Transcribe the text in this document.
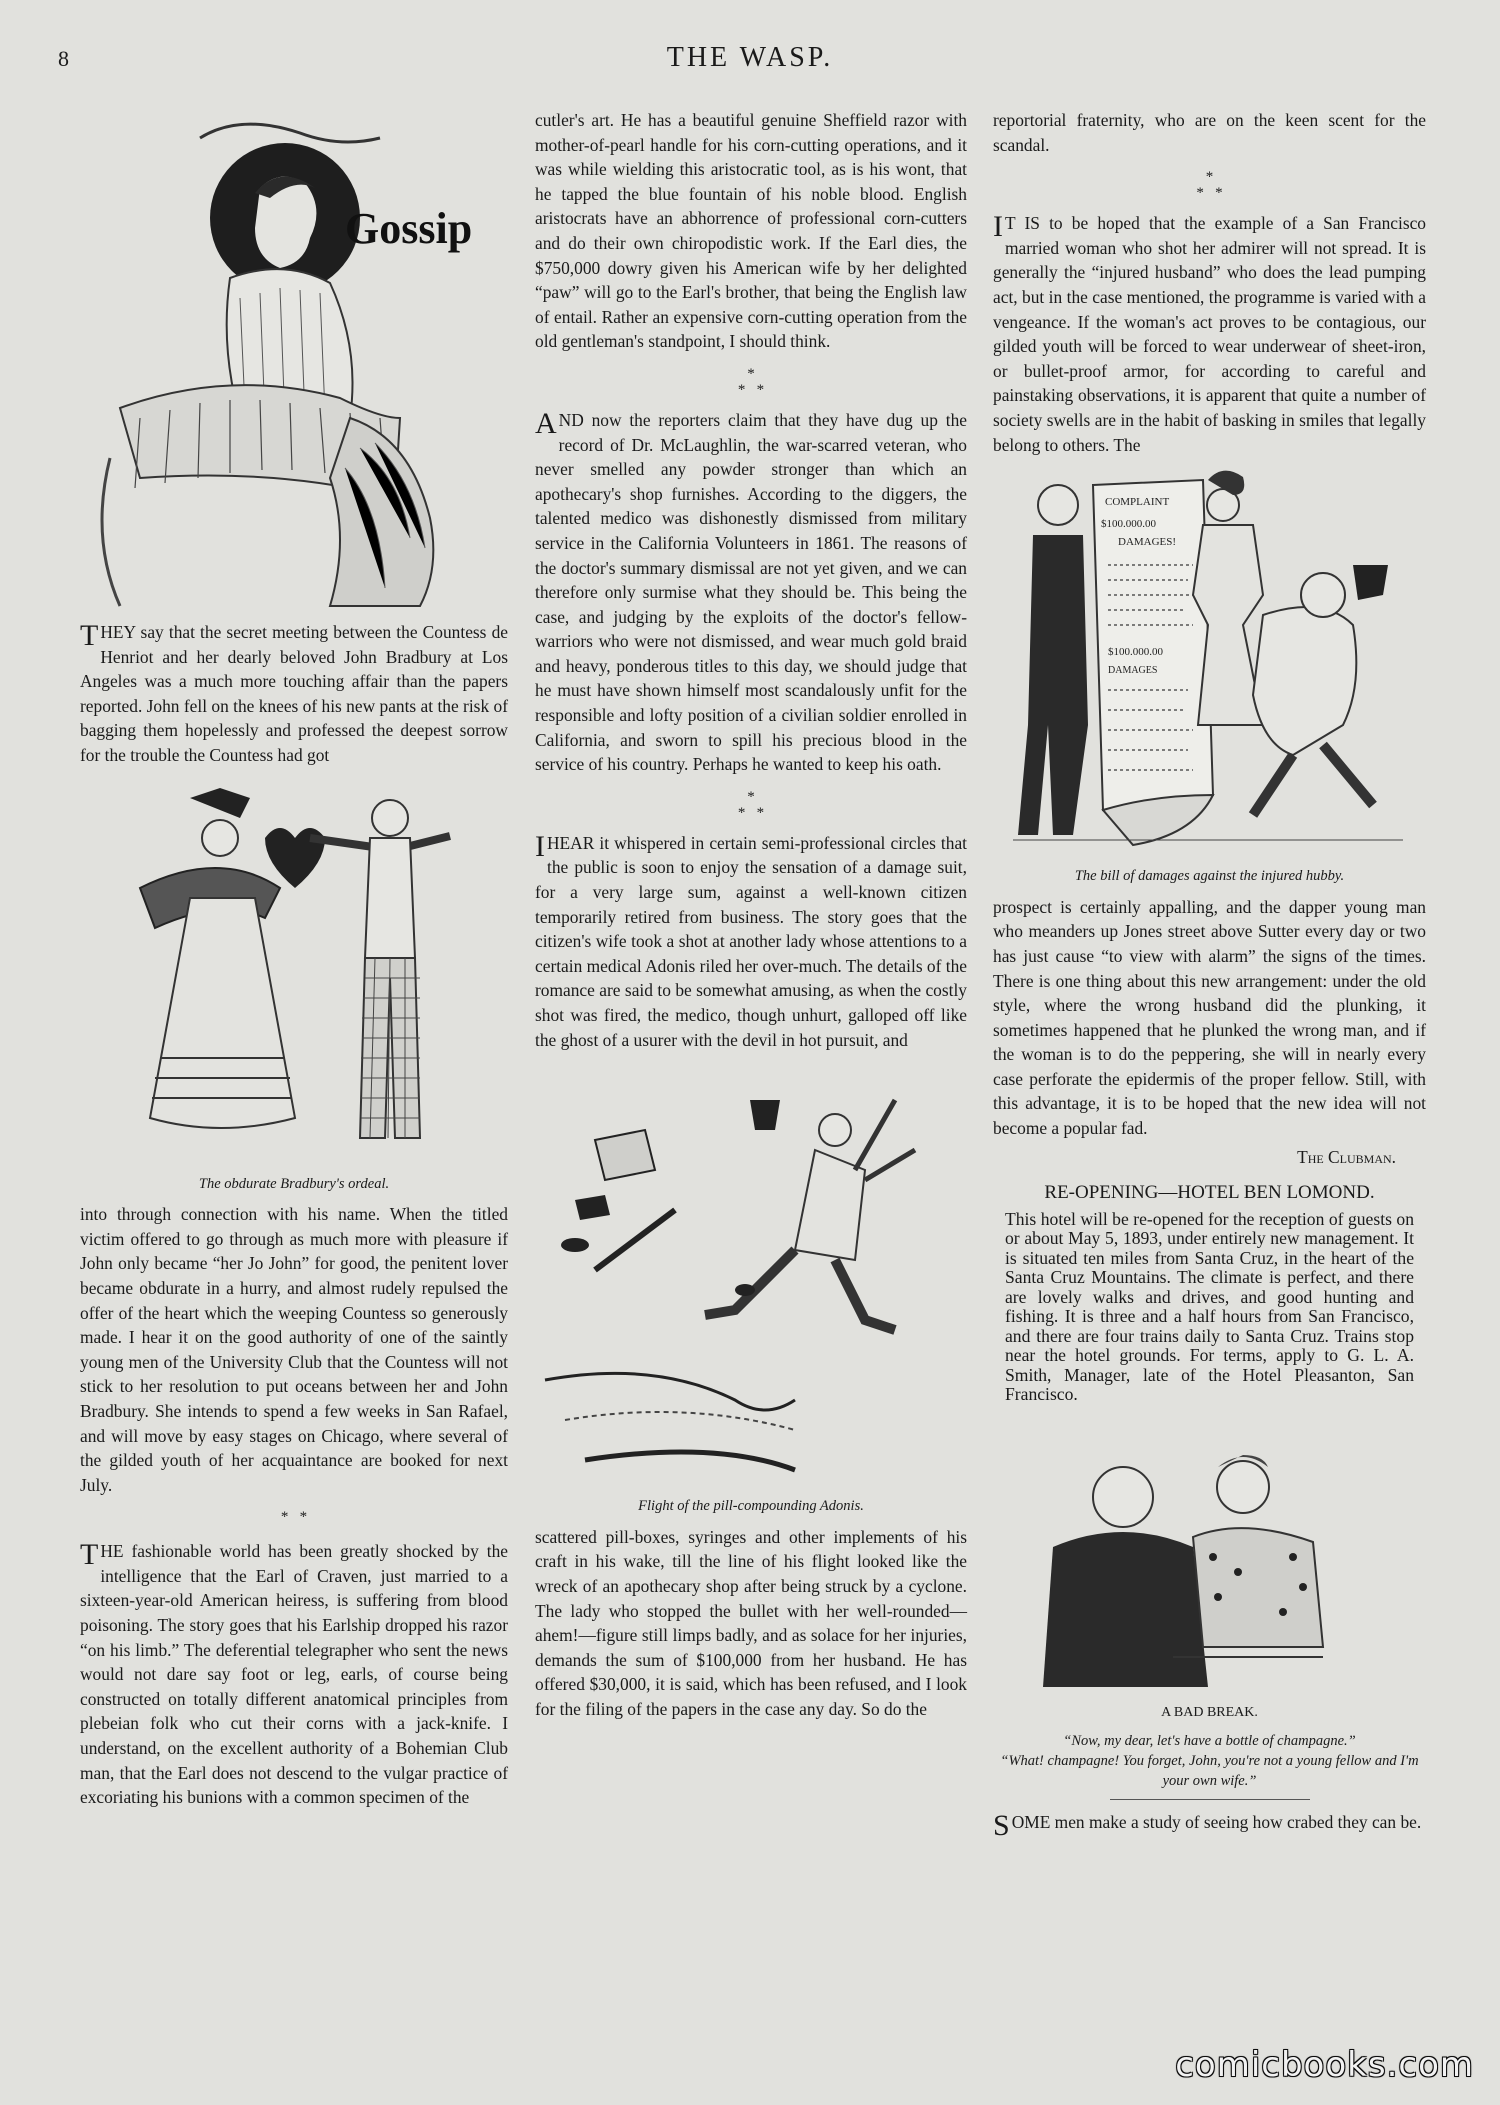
8	THE WASP.
Gossip

THEY say that the secret meeting between the Countess de Henriot and her dearly beloved John Bradbury at Los Angeles was a much more touching affair than the papers reported. John fell on the knees of his new pants at the risk of bagging them hopelessly and professed the deepest sorrow for the trouble the Countess had got

The obdurate Bradbury's ordeal.

into through connection with his name. When the titled victim offered to go through as much more with pleasure if John only became “her Jo John” for good, the penitent lover became obdurate in a hurry, and almost rudely repulsed the offer of the heart which the weeping Countess so generously made. I hear it on the good authority of one of the saintly young men of the University Club that the Countess will not stick to her resolution to put oceans between her and John Bradbury. She intends to spend a few weeks in San Rafael, and will move by easy stages on Chicago, where several of the gilded youth of her acquaintance are booked for next July.

*   *

THE fashionable world has been greatly shocked by the intelligence that the Earl of Craven, just married to a sixteen-year-old American heiress, is suffering from blood poisoning. The story goes that his Earlship dropped his razor “on his limb.” The deferential telegrapher who sent the news would not dare say foot or leg, earls, of course being constructed on totally different anatomical principles from plebeian folk who cut their corns with a jack-knife. I understand, on the excellent authority of a Bohemian Club man, that the Earl does not descend to the vulgar practice of excoriating his bunions with a common specimen of the

cutler's art. He has a beautiful genuine Sheffield razor with mother-of-pearl handle for his corn-cutting operations, and it was while wielding this aristocratic tool, as is his wont, that he tapped the blue fountain of his noble blood. English aristocrats have an abhorrence of professional corn-cutters and do their own chiropodistic work. If the Earl dies, the $750,000 dowry given his American wife by her delighted “paw” will go to the Earl's brother, that being the English law of entail. Rather an expensive corn-cutting operation from the old gentleman's standpoint, I should think.

*
*   *

AND now the reporters claim that they have dug up the record of Dr. McLaughlin, the war-scarred veteran, who never smelled any powder stronger than which an apothecary's shop furnishes. According to the diggers, the talented medico was dishonestly dismissed from military service in the California Volunteers in 1861. The reasons of the doctor's summary dismissal are not yet given, and we can therefore only surmise what they should be. This being the case, and judging by the exploits of the doctor's fellow-warriors who were not dismissed, and wear much gold braid and heavy, ponderous titles to this day, we should judge that he must have shown himself most scandalously unfit for the responsible and lofty position of a civilian soldier enrolled in California, and sworn to spill his precious blood in the service of his country. Perhaps he wanted to keep his oath.

*
*   *

IHEAR it whispered in certain semi-professional circles that the public is soon to enjoy the sensation of a damage suit, for a very large sum, against a well-known citizen temporarily retired from business. The story goes that the citizen's wife took a shot at another lady whose attentions to a certain medical Adonis riled her over-much. The details of the romance are said to be somewhat amusing, as when the costly shot was fired, the medico, though unhurt, galloped off like the ghost of a usurer with the devil in hot pursuit, and

Flight of the pill-compounding Adonis.

scattered pill-boxes, syringes and other implements of his craft in his wake, till the line of his flight looked like the wreck of an apothecary shop after being struck by a cyclone. The lady who stopped the bullet with her well-rounded—ahem!—figure still limps badly, and as solace for her injuries, demands the sum of $100,000 from her husband. He has offered $30,000, it is said, which has been refused, and I look for the filing of the papers in the case any day. So do the

reportorial fraternity, who are on the keen scent for the scandal.

*
*   *

I T IS to be hoped that the example of a San Francisco married woman who shot her admirer will not spread. It is generally the “injured husband” who does the lead pumping act, but in the case mentioned, the programme is varied with a vengeance. If the woman's act proves to be contagious, our gilded youth will be forced to wear underwear of sheet-iron, or bullet-proof armor, for according to careful and painstaking observations, it is apparent that quite a number of society swells are in the habit of basking in smiles that legally belong to others. The

COMPLAINT
$100.000.00
DAMAGES!
$100.000.00
DAMAGES
The bill of damages against the injured hubby.

prospect is certainly appalling, and the dapper young man who meanders up Jones street above Sutter every day or two has just cause “to view with alarm” the signs of the times. There is one thing about this new arrangement: under the old style, where the wrong husband did the plunking, it sometimes happened that he plunked the wrong man, and if the woman is to do the peppering, she will in nearly every case perforate the epidermis of the proper fellow. Still, with this advantage, it is to be hoped that the new idea will not become a popular fad.

The Clubman.
RE-OPENING—HOTEL BEN LOMOND.
This hotel will be re-opened for the reception of guests on or about May 5, 1893, under entirely new management. It is situated ten miles from Santa Cruz, in the heart of the Santa Cruz Mountains. The climate is perfect, and there are lovely walks and drives, and good hunting and fishing. It is three and a half hours from San Francisco, and there are four trains daily to Santa Cruz. Trains stop near the hotel grounds. For terms, apply to G. L. A. Smith, Manager, late of the Hotel Pleasanton, San Francisco.
A BAD BREAK.
“Now, my dear, let's have a bottle of champagne.”
“What! champagne! You forget, John, you're not a young fellow and I'm your own wife.”

SOME men make a study of seeing how crabed they can be.

comicbooks.com
